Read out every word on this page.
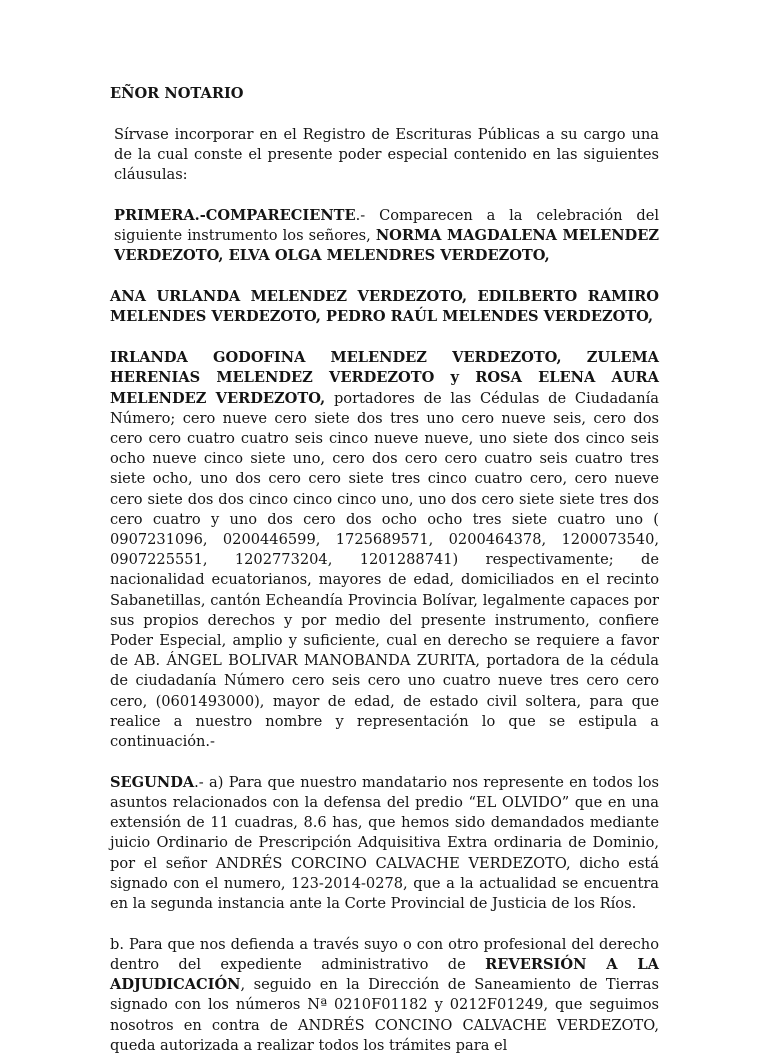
EÑOR NOTARIO

Sírvase incorporar en el Registro de Escrituras Públicas a su cargo una de la cual conste el presente poder especial contenido en las siguientes cláusulas:

PRIMERA.-COMPARECIENTE.- Comparecen a la celebración del siguiente instrumento los señores, NORMA MAGDALENA MELENDEZ VERDEZOTO, ELVA OLGA MELENDRES VERDEZOTO,

ANA URLANDA MELENDEZ VERDEZOTO, EDILBERTO RAMIRO MELENDES VERDEZOTO, PEDRO RAÚL MELENDES VERDEZOTO,

IRLANDA GODOFINA MELENDEZ VERDEZOTO, ZULEMA HERENIAS MELENDEZ VERDEZOTO y ROSA ELENA AURA MELENDEZ VERDEZOTO, portadores de las Cédulas de Ciudadanía Número; cero nueve cero siete dos tres uno cero nueve seis, cero dos cero cero cuatro cuatro seis cinco nueve nueve, uno siete dos cinco seis ocho nueve cinco siete uno, cero dos cero cero cuatro seis cuatro tres siete ocho, uno dos cero cero siete tres cinco cuatro cero, cero nueve cero siete dos dos cinco cinco cinco uno, uno dos cero siete siete tres dos cero cuatro y uno dos cero dos ocho ocho tres siete cuatro uno ( 0907231096, 0200446599, 1725689571, 0200464378, 1200073540, 0907225551, 1202773204, 1201288741) respectivamente; de nacionalidad ecuatorianos, mayores de edad, domiciliados en el recinto Sabanetillas, cantón Echeandía Provincia Bolívar, legalmente capaces por sus propios derechos y por medio del presente instrumento, confiere Poder Especial, amplio y suficiente, cual en derecho se requiere a favor de AB. ÁNGEL BOLIVAR MANOBANDA ZURITA, portadora de la cédula de ciudadanía Número cero seis cero uno cuatro nueve tres cero cero cero, (0601493000), mayor de edad, de estado civil soltera, para que realice a nuestro nombre y representación lo que se estipula a continuación.-

SEGUNDA.- a) Para que nuestro mandatario nos represente en todos los asuntos relacionados con la defensa del predio “EL OLVIDO” que en una extensión de 11 cuadras, 8.6 has, que hemos sido demandados mediante juicio Ordinario de Prescripción Adquisitiva Extra ordinaria de Dominio, por el señor ANDRÉS CORCINO CALVACHE VERDEZOTO, dicho está signado con el numero, 123-2014-0278, que a la actualidad se encuentra en la segunda instancia ante la Corte Provincial de Justicia de los Ríos.

b. Para que nos defienda a través suyo o con otro profesional del derecho dentro del expediente administrativo de REVERSIÓN A LA ADJUDICACIÓN, seguido en la Dirección de Saneamiento de Tierras signado con los números Nª 0210F01182 y 0212F01249, que seguimos nosotros en contra de ANDRÉS CONCINO CALVACHE VERDEZOTO, queda autorizada a realizar todos los trámites para el
